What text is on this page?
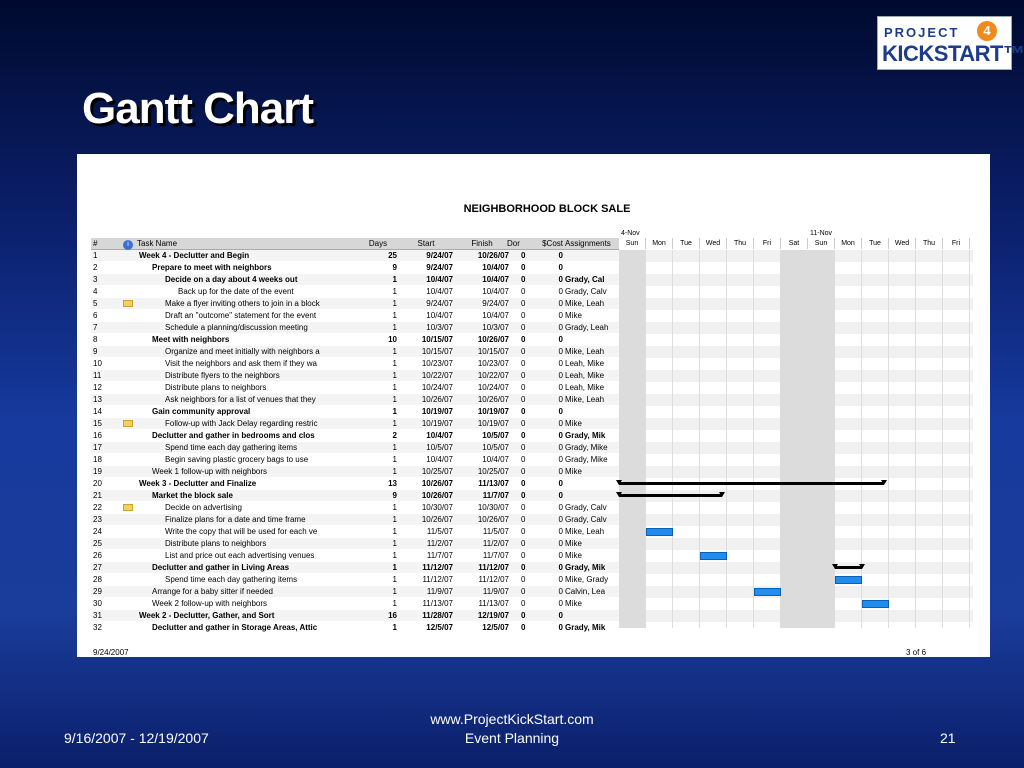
PROJECT	4
KICKSTART™
Gantt Chart
NEIGHBORHOOD BLOCK SALE
#	i	Task Name	Days	Start	Finish	Dor	$Cost Assignments
1	Week 4 - Declutter and Begin	25	9/24/07	10/26/07	0	0
2	Prepare to meet with neighbors	9	9/24/07	10/4/07	0	0
3	Decide on a day about 4 weeks out	1	10/4/07	10/4/07	0	0 Grady, Cal
4	Back up for the date of the event	1	10/4/07	10/4/07	0	0 Grady, Calv
5	Make a flyer inviting others to join in a block	1	9/24/07	9/24/07	0	0 Mike, Leah
6	Draft an "outcome" statement for the event	1	10/4/07	10/4/07	0	0 Mike
7	Schedule a planning/discussion meeting	1	10/3/07	10/3/07	0	0 Grady, Leah
8	Meet with neighbors	10	10/15/07	10/26/07	0	0
9	Organize and meet initially with neighbors a	1	10/15/07	10/15/07	0	0 Mike, Leah
10	Visit the neighbors and ask them if they wa	1	10/23/07	10/23/07	0	0 Leah, Mike
11	Distribute flyers to the neighbors	1	10/22/07	10/22/07	0	0 Leah, Mike
12	Distribute plans to neighbors	1	10/24/07	10/24/07	0	0 Leah, Mike
13	Ask neighbors for a list of venues that they	1	10/26/07	10/26/07	0	0 Mike, Leah
14	Gain community approval	1	10/19/07	10/19/07	0	0
15	Follow-up with Jack Delay regarding restric	1	10/19/07	10/19/07	0	0 Mike
16	Declutter and gather in bedrooms and clos	2	10/4/07	10/5/07	0	0 Grady, Mik
17	Spend time each day gathering items	1	10/5/07	10/5/07	0	0 Grady, Mike
18	Begin saving plastic grocery bags to use	1	10/4/07	10/4/07	0	0 Grady, Mike
19	Week 1 follow-up with neighbors	1	10/25/07	10/25/07	0	0 Mike
20	Week 3 - Declutter and Finalize	13	10/26/07	11/13/07	0	0
21	Market the block sale	9	10/26/07	11/7/07	0	0
22	Decide on advertising	1	10/30/07	10/30/07	0	0 Grady, Calv
23	Finalize plans for a date and time frame	1	10/26/07	10/26/07	0	0 Grady, Calv
24	Write the copy that will be used for each ve	1	11/5/07	11/5/07	0	0 Mike, Leah
25	Distribute plans to neighbors	1	11/2/07	11/2/07	0	0 Mike
26	List and price out each advertising venues	1	11/7/07	11/7/07	0	0 Mike
27	Declutter and gather in Living Areas	1	11/12/07	11/12/07	0	0 Grady, Mik
28	Spend time each day gathering items	1	11/12/07	11/12/07	0	0 Mike, Grady
29	Arrange for a baby sitter if needed	1	11/9/07	11/9/07	0	0 Calvin, Lea
30	Week 2 follow-up with neighbors	1	11/13/07	11/13/07	0	0 Mike
31	Week 2 - Declutter, Gather, and Sort	16	11/28/07	12/19/07	0	0
32	Declutter and gather in Storage Areas, Attic	1	12/5/07	12/5/07	0	0 Grady, Mik
4-Nov	11-Nov
Sun	Mon	Tue	Wed	Thu	Fri	Sat	Sun	Mon	Tue	Wed	Thu	Fri
9/24/2007	3 of 6
9/16/2007 - 12/19/2007
www.ProjectKickStart.com
Event Planning	21
